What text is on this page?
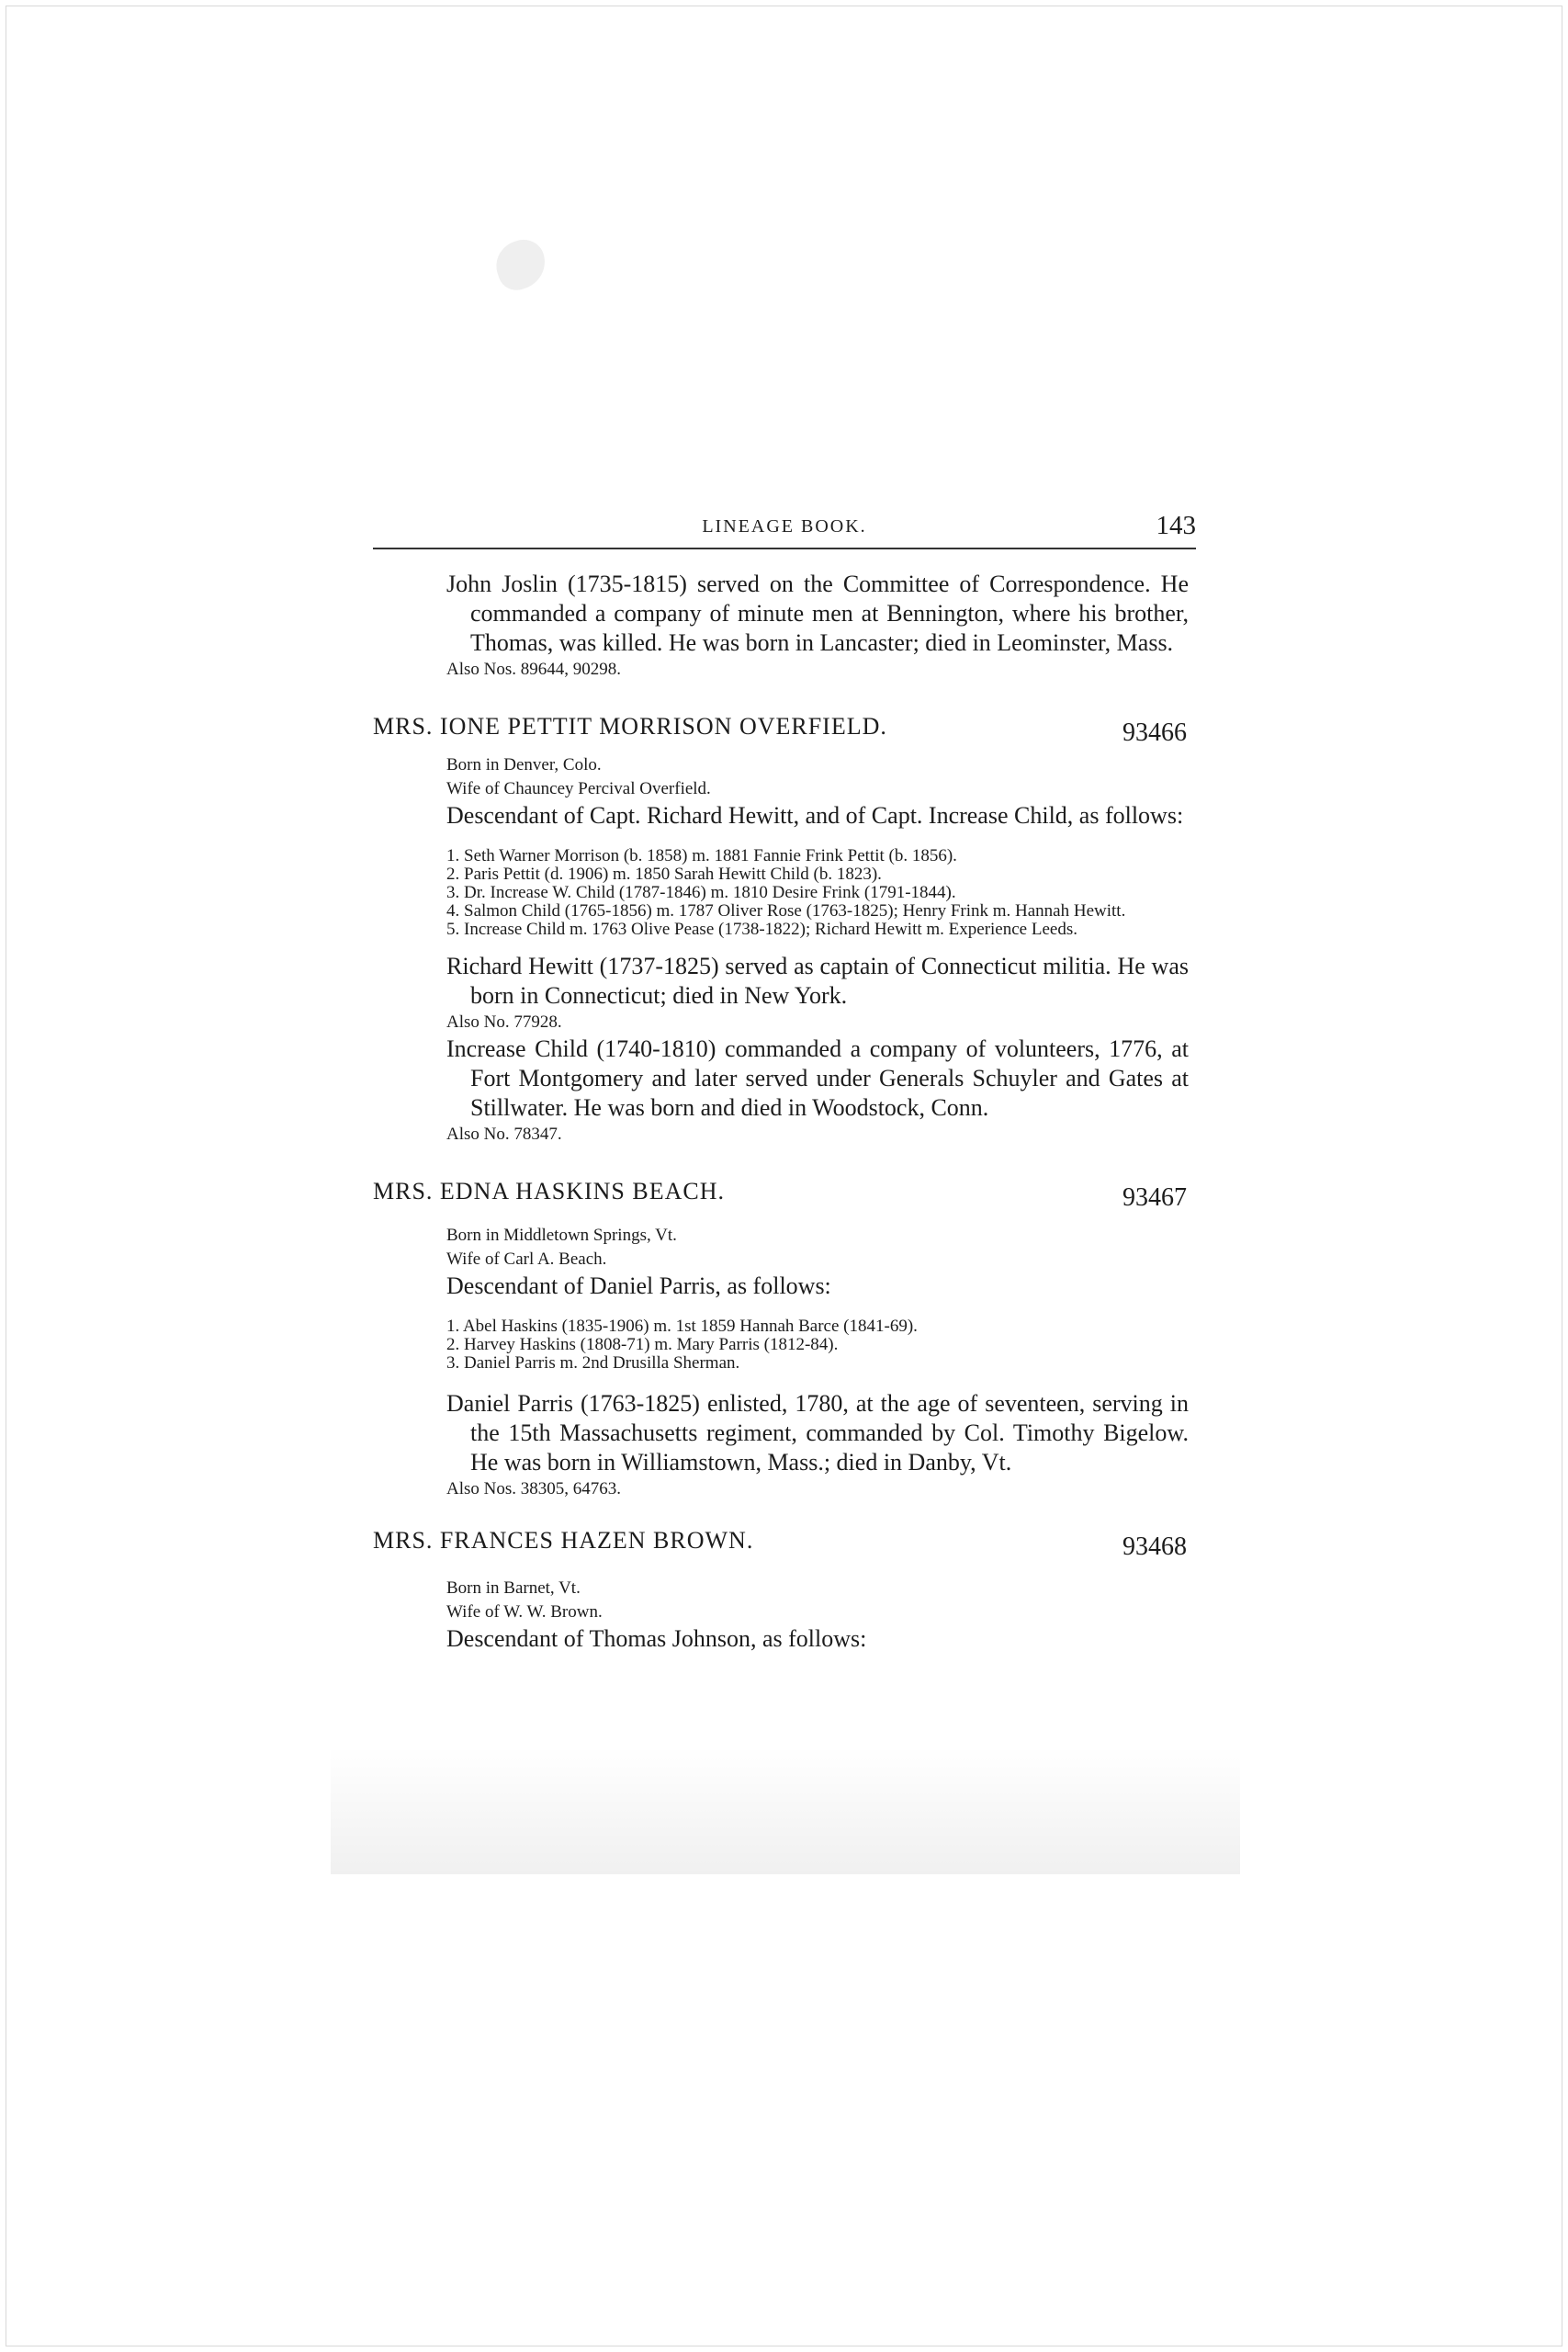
LINEAGE BOOK.	143

John Joslin (1735-1815) served on the Committee of Correspondence. He commanded a company of minute men at Bennington, where his brother, Thomas, was killed. He was born in Lancaster; died in Leominster, Mass.

Also Nos. 89644, 90298.

MRS. IONE PETTIT MORRISON OVERFIELD.	93466

Born in Denver, Colo.

Wife of Chauncey Percival Overfield.

Descendant of Capt. Richard Hewitt, and of Capt. Increase Child, as follows:

1. Seth Warner Morrison (b. 1858) m. 1881 Fannie Frink Pettit (b. 1856).
2. Paris Pettit (d. 1906) m. 1850 Sarah Hewitt Child (b. 1823).
3. Dr. Increase W. Child (1787-1846) m. 1810 Desire Frink (1791-1844).
4. Salmon Child (1765-1856) m. 1787 Oliver Rose (1763-1825); Henry Frink m. Hannah Hewitt.
5. Increase Child m. 1763 Olive Pease (1738-1822); Richard Hewitt m. Experience Leeds.

Richard Hewitt (1737-1825) served as captain of Connecticut militia. He was born in Connecticut; died in New York.

Also No. 77928.

Increase Child (1740-1810) commanded a company of volunteers, 1776, at Fort Montgomery and later served under Generals Schuyler and Gates at Stillwater. He was born and died in Woodstock, Conn.

Also No. 78347.

MRS. EDNA HASKINS BEACH.	93467

Born in Middletown Springs, Vt.

Wife of Carl A. Beach.

Descendant of Daniel Parris, as follows:

1. Abel Haskins (1835-1906) m. 1st 1859 Hannah Barce (1841-69).
2. Harvey Haskins (1808-71) m. Mary Parris (1812-84).
3. Daniel Parris m. 2nd Drusilla Sherman.

Daniel Parris (1763-1825) enlisted, 1780, at the age of seventeen, serving in the 15th Massachusetts regiment, commanded by Col. Timothy Bigelow. He was born in Williamstown, Mass.; died in Danby, Vt.

Also Nos. 38305, 64763.

MRS. FRANCES HAZEN BROWN.	93468

Born in Barnet, Vt.

Wife of W. W. Brown.

Descendant of Thomas Johnson, as follows:
